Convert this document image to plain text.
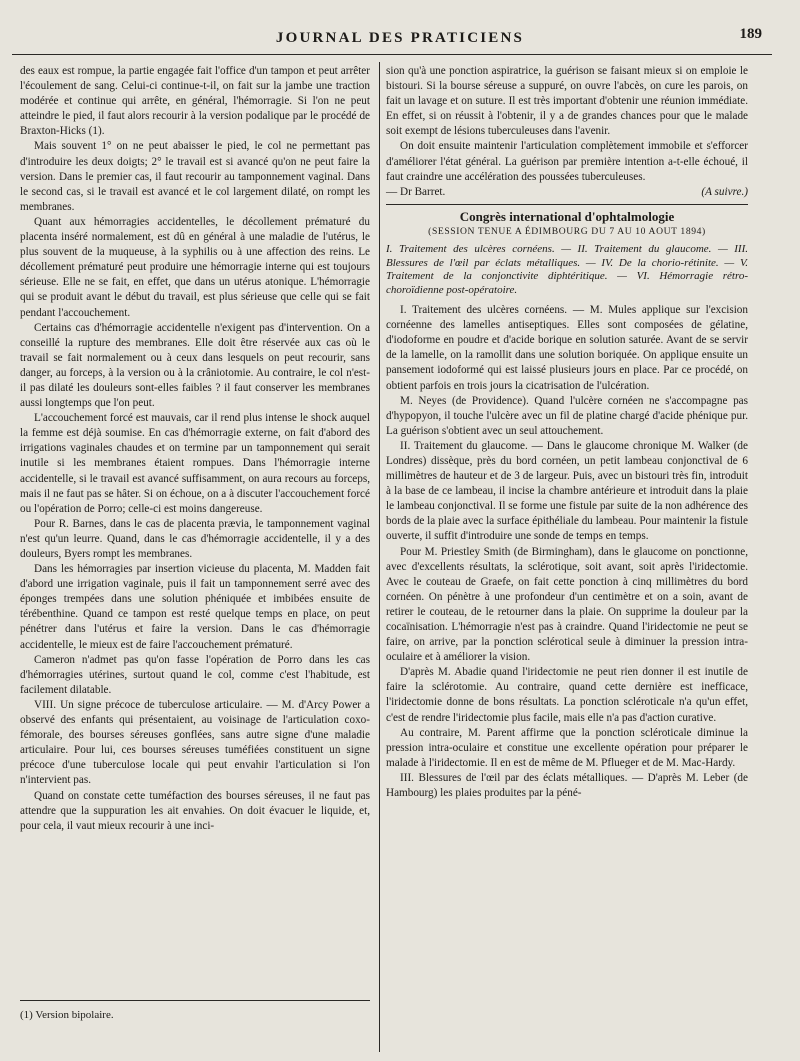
JOURNAL DES PRATICIENS	189

des eaux est rompue, la partie engagée fait l'office d'un tampon et peut arrêter l'écoulement de sang. Celui-ci continue-t-il, on fait sur la jambe une traction modérée et continue qui arrête, en général, l'hémorragie. Si l'on ne peut atteindre le pied, il faut alors recourir à la version podalique par le procédé de Braxton-Hicks (1).

Mais souvent 1° on ne peut abaisser le pied, le col ne permettant pas d'introduire les deux doigts; 2° le travail est si avancé qu'on ne peut faire la version. Dans le premier cas, il faut recourir au tamponnement vaginal. Dans le second cas, si le travail est avancé et le col largement dilaté, on rompt les membranes.

Quant aux hémorragies accidentelles, le décollement prématuré du placenta inséré normalement, est dû en général à une maladie de l'utérus, le plus souvent de la muqueuse, à la syphilis ou à une affection des reins. Le décollement prématuré peut produire une hémorragie interne qui est toujours sérieuse. Elle ne se fait, en effet, que dans un utérus atonique. L'hémorragie qui se produit avant le début du travail, est plus sérieuse que celle qui se fait pendant l'accouchement.

Certains cas d'hémorragie accidentelle n'exigent pas d'intervention. On a conseillé la rupture des membranes. Elle doit être réservée aux cas où le travail se fait normalement ou à ceux dans lesquels on peut recourir, sans danger, au forceps, à la version ou à la crâniotomie. Au contraire, le col n'est-il pas dilaté les douleurs sont-elles faibles ? il faut conserver les membranes aussi longtemps que l'on peut.

L'accouchement forcé est mauvais, car il rend plus intense le shock auquel la femme est déjà soumise. En cas d'hémorragie externe, on fait d'abord des irrigations vaginales chaudes et on termine par un tamponnement qui serait inutile si les membranes étaient rompues. Dans l'hémorragie interne accidentelle, si le travail est avancé suffisamment, on aura recours au forceps, mais il ne faut pas se hâter. Si on échoue, on a à discuter l'accouchement forcé ou l'opération de Porro; celle-ci est moins dangereuse.

Pour R. Barnes, dans le cas de placenta prævia, le tamponnement vaginal n'est qu'un leurre. Quand, dans le cas d'hémorragie accidentelle, il y a des douleurs, Byers rompt les membranes.

Dans les hémorragies par insertion vicieuse du placenta, M. Madden fait d'abord une irrigation vaginale, puis il fait un tamponnement serré avec des éponges trempées dans une solution phéniquée et imbibées ensuite de térébenthine. Quand ce tampon est resté quelque temps en place, on peut pénétrer dans l'utérus et faire la version. Dans le cas d'hémorragie accidentelle, le mieux est de faire l'accouchement prématuré.

Cameron n'admet pas qu'on fasse l'opération de Porro dans les cas d'hémorragies utérines, surtout quand le col, comme c'est l'habitude, est facilement dilatable.

VIII. Un signe précoce de tuberculose articulaire. — M. d'Arcy Power a observé des enfants qui présentaient, au voisinage de l'articulation coxo-fémorale, des bourses séreuses gonflées, sans autre signe d'une maladie articulaire. Pour lui, ces bourses séreuses tuméfiées constituent un signe précoce d'une tuberculose locale qui peut envahir l'articulation si l'on n'intervient pas.

Quand on constate cette tuméfaction des bourses séreuses, il ne faut pas attendre que la suppuration les ait envahies. On doit évacuer le liquide, et, pour cela, il vaut mieux recourir à une inci-

(1) Version bipolaire.

sion qu'à une ponction aspiratrice, la guérison se faisant mieux si on emploie le bistouri. Si la bourse séreuse a suppuré, on ouvre l'abcès, on cure les parois, on fait un lavage et on suture. Il est très important d'obtenir une réunion immédiate. En effet, si on réussit à l'obtenir, il y a de grandes chances pour que le malade soit exempt de lésions tuberculeuses dans l'avenir.

On doit ensuite maintenir l'articulation complètement immobile et s'efforcer d'améliorer l'état général. La guérison par première intention a-t-elle échoué, il faut craindre une accélération des poussées tuberculeuses.

— Dr Barret.	(A suivre.)

Congrès international d'ophtalmologie
(SESSION TENUE A ÉDIMBOURG DU 7 AU 10 AOUT 1894)

I. Traitement des ulcères cornéens. — II. Traitement du glaucome. — III. Blessures de l'œil par éclats métalliques. — IV. De la chorio-rétinite. — V. Traitement de la conjonctivite diphtéritique. — VI. Hémorragie rétro-choroïdienne post-opératoire.

I. Traitement des ulcères cornéens. — M. Mules applique sur l'excision cornéenne des lamelles antiseptiques. Elles sont composées de gélatine, d'iodoforme en poudre et d'acide borique en solution saturée. Avant de se servir de la lamelle, on la ramollit dans une solution boriquée. On applique ensuite un pansement iodoformé qui est laissé plusieurs jours en place. Par ce procédé, on obtient parfois en trois jours la cicatrisation de l'ulcération.

M. Neyes (de Providence). Quand l'ulcère cornéen ne s'accompagne pas d'hypopyon, il touche l'ulcère avec un fil de platine chargé d'acide phénique pur. La guérison s'obtient avec un seul attouchement.

II. Traitement du glaucome. — Dans le glaucome chronique M. Walker (de Londres) dissèque, près du bord cornéen, un petit lambeau conjonctival de 6 millimètres de hauteur et de 3 de largeur. Puis, avec un bistouri très fin, introduit à la base de ce lambeau, il incise la chambre antérieure et introduit dans la plaie le lambeau conjonctival. Il se forme une fistule par suite de la non adhérence des bords de la plaie avec la surface épithéliale du lambeau. Pour maintenir la fistule ouverte, il suffit d'introduire une sonde de temps en temps.

Pour M. Priestley Smith (de Birmingham), dans le glaucome on ponctionne, avec d'excellents résultats, la sclérotique, soit avant, soit après l'iridectomie. Avec le couteau de Graefe, on fait cette ponction à cinq millimètres du bord cornéen. On pénètre à une profondeur d'un centimètre et on a soin, avant de retirer le couteau, de le retourner dans la plaie. On supprime la douleur par la cocaïnisation. L'hémorragie n'est pas à craindre. Quand l'iridectomie ne peut se faire, on arrive, par la ponction sclérotical seule à diminuer la pression intra-oculaire et à améliorer la vision.

D'après M. Abadie quand l'iridectomie ne peut rien donner il est inutile de faire la sclérotomie. Au contraire, quand cette dernière est inefficace, l'iridectomie donne de bons résultats. La ponction scléroticale n'a qu'un effet, c'est de rendre l'iridectomie plus facile, mais elle n'a pas d'action curative.

Au contraire, M. Parent affirme que la ponction scléroticale diminue la pression intra-oculaire et constitue une excellente opération pour préparer le malade à l'iridectomie. Il en est de même de M. Pflueger et de M. Mac-Hardy.

III. Blessures de l'œil par des éclats métalliques. — D'après M. Leber (de Hambourg) les plaies produites par la péné-
